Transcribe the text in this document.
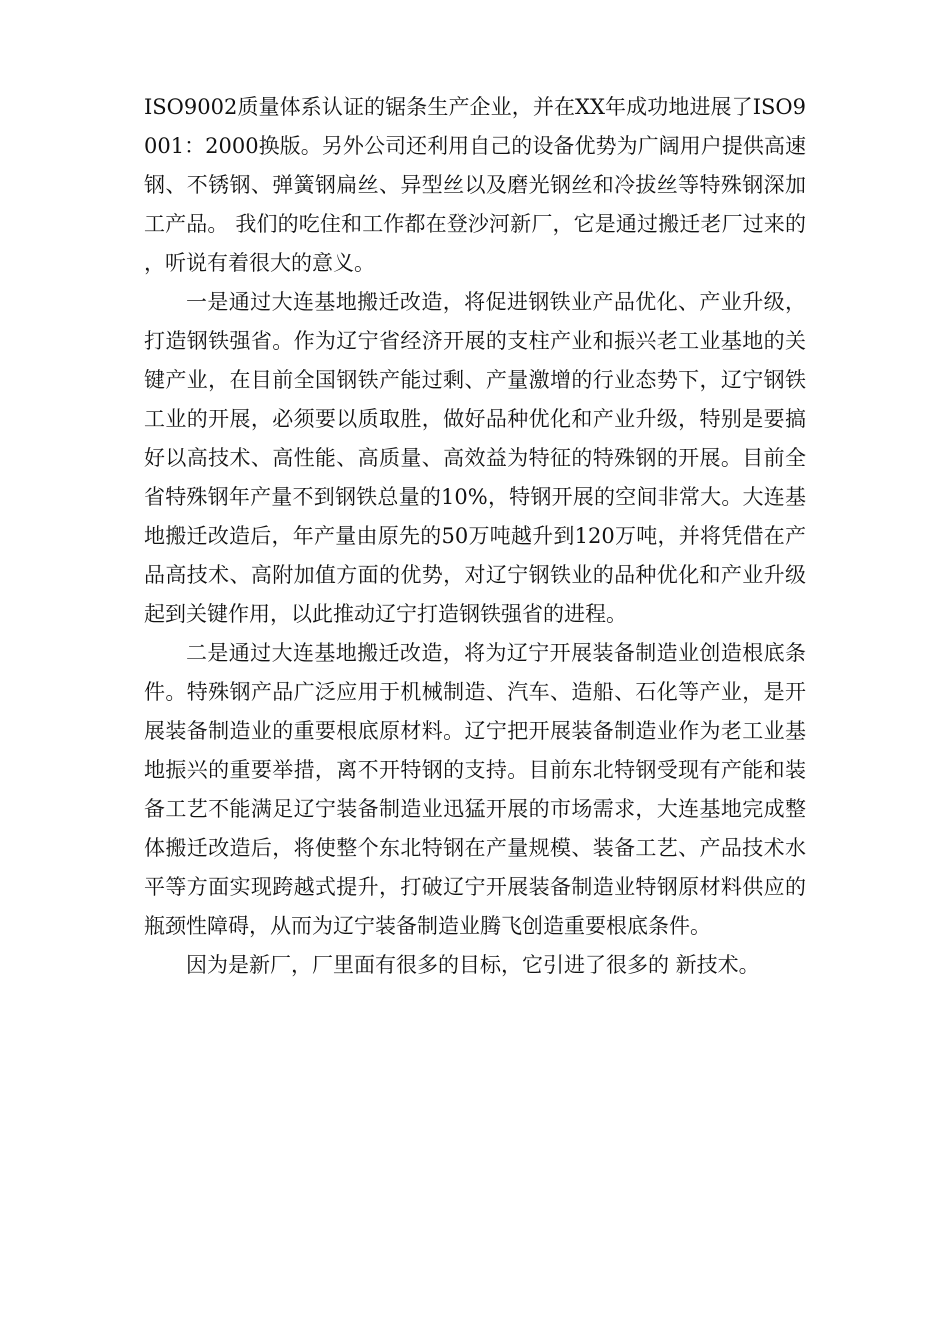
ISO9002质量体系认证的锯条生产企业，并在XX年成功地进展了ISO9001：2000换版。另外公司还利用自己的设备优势为广阔用户提供高速钢、不锈钢、弹簧钢扁丝、异型丝以及磨光钢丝和冷拔丝等特殊钢深加工产品。 我们的吃住和工作都在登沙河新厂，它是通过搬迁老厂过来的，听说有着很大的意义。

一是通过大连基地搬迁改造，将促进钢铁业产品优化、产业升级，打造钢铁强省。作为辽宁省经济开展的支柱产业和振兴老工业基地的关键产业，在目前全国钢铁产能过剩、产量激增的行业态势下，辽宁钢铁工业的开展，必须要以质取胜，做好品种优化和产业升级，特别是要搞好以高技术、高性能、高质量、高效益为特征的特殊钢的开展。目前全省特殊钢年产量不到钢铁总量的10%，特钢开展的空间非常大。大连基地搬迁改造后，年产量由原先的50万吨越升到120万吨，并将凭借在产品高技术、高附加值方面的优势，对辽宁钢铁业的品种优化和产业升级起到关键作用，以此推动辽宁打造钢铁强省的进程。

二是通过大连基地搬迁改造，将为辽宁开展装备制造业创造根底条件。特殊钢产品广泛应用于机械制造、汽车、造船、石化等产业，是开展装备制造业的重要根底原材料。辽宁把开展装备制造业作为老工业基地振兴的重要举措，离不开特钢的支持。目前东北特钢受现有产能和装备工艺不能满足辽宁装备制造业迅猛开展的市场需求，大连基地完成整体搬迁改造后，将使整个东北特钢在产量规模、装备工艺、产品技术水平等方面实现跨越式提升，打破辽宁开展装备制造业特钢原材料供应的瓶颈性障碍，从而为辽宁装备制造业腾飞创造重要根底条件。

因为是新厂，厂里面有很多的目标，它引进了很多的 新技术。
